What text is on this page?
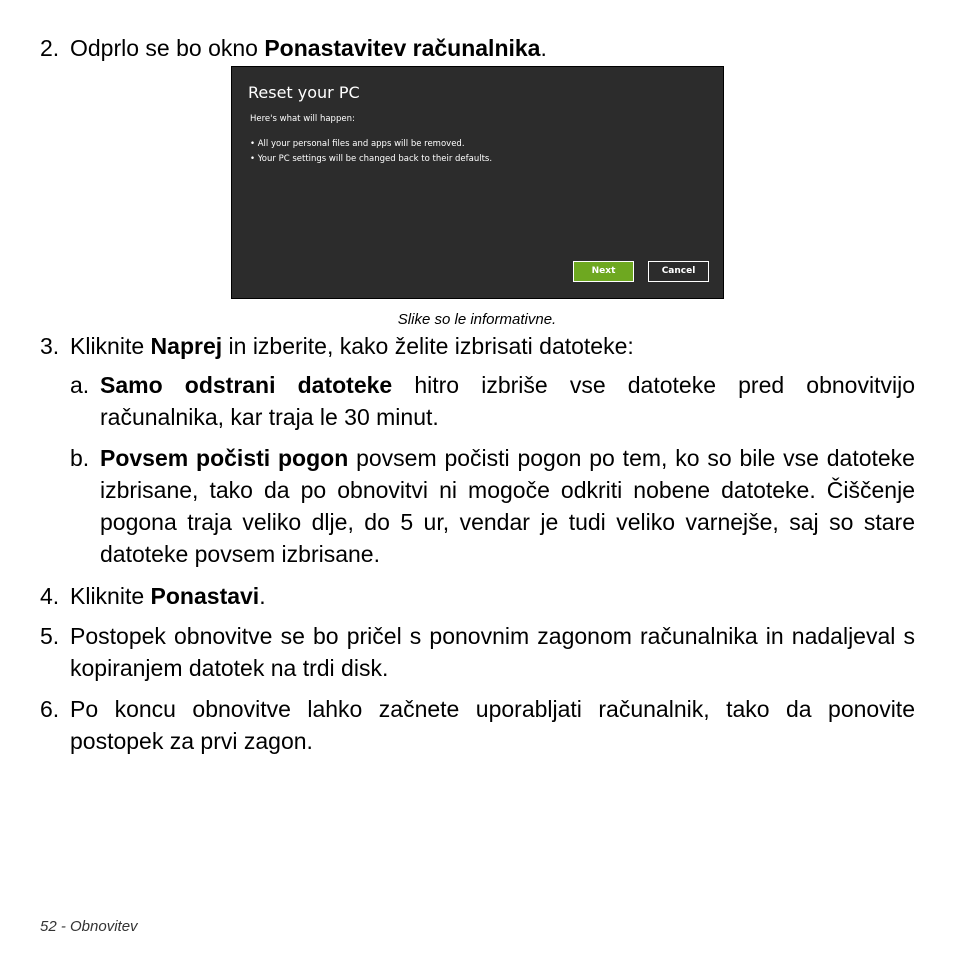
2. Odprlo se bo okno Ponastavitev računalnika.
Reset your PC
Here's what will happen:
• All your personal files and apps will be removed.
• Your PC settings will be changed back to their defaults.
Next	Cancel
Slike so le informativne.
3. Kliknite Naprej in izberite, kako želite izbrisati datoteke:
a. Samo odstrani datoteke hitro izbriše vse datoteke pred obnovitvijo računalnika, kar traja le 30 minut.
b. Povsem počisti pogon povsem počisti pogon po tem, ko so bile vse datoteke izbrisane, tako da po obnovitvi ni mogoče odkriti nobene datoteke. Čiščenje pogona traja veliko dlje, do 5 ur, vendar je tudi veliko varnejše, saj so stare datoteke povsem izbrisane.
4. Kliknite Ponastavi.
5. Postopek obnovitve se bo pričel s ponovnim zagonom računalnika in nadaljeval s kopiranjem datotek na trdi disk.
6. Po koncu obnovitve lahko začnete uporabljati računalnik, tako da ponovite postopek za prvi zagon.
52 - Obnovitev
